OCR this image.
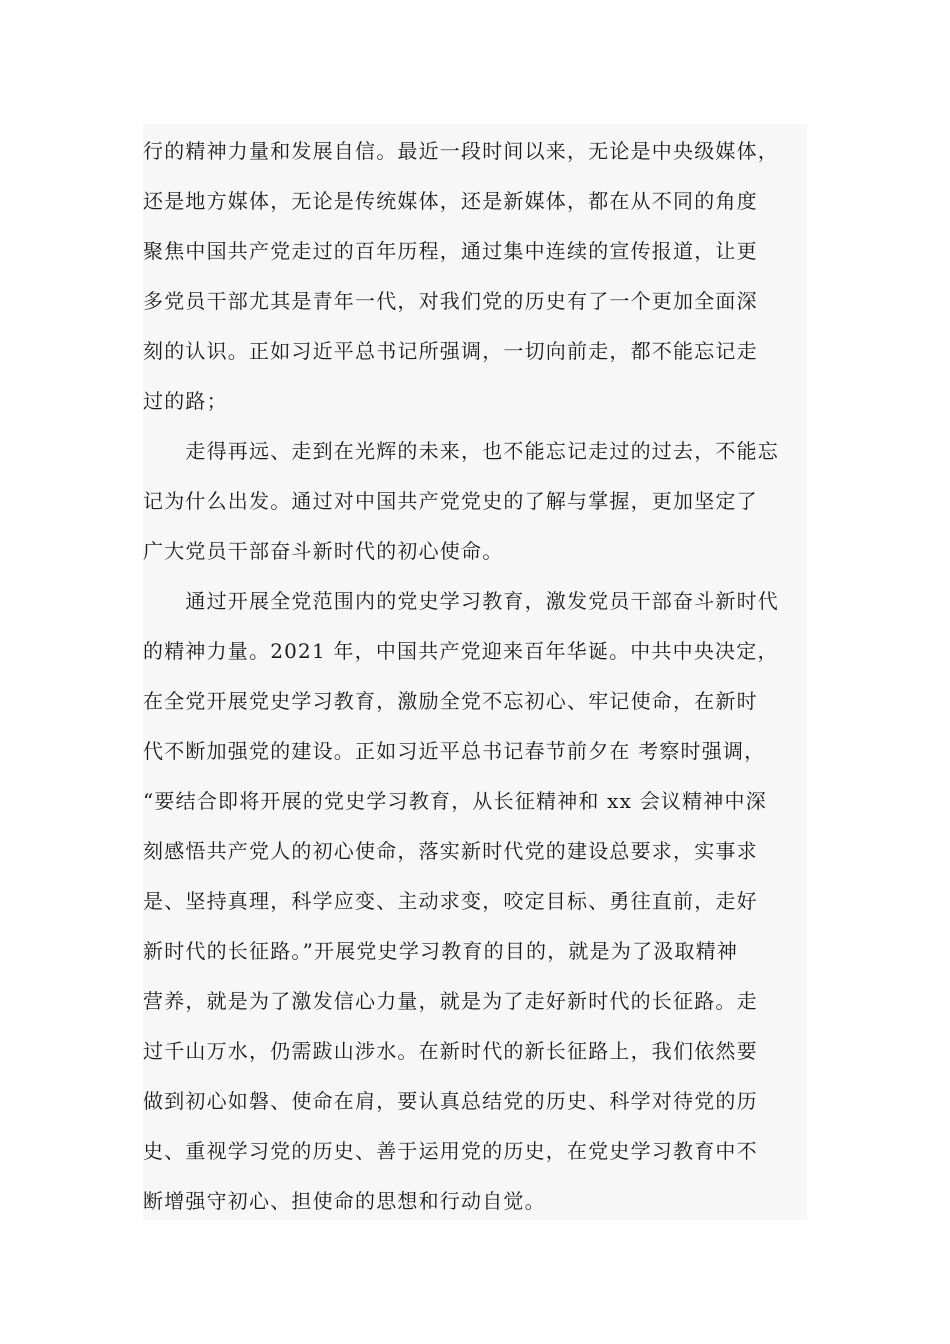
行的精神力量和发展自信。最近一段时间以来，无论是中央级媒体，
还是地方媒体，无论是传统媒体，还是新媒体，都在从不同的角度
聚焦中国共产党走过的百年历程，通过集中连续的宣传报道，让更
多党员干部尤其是青年一代，对我们党的历史有了一个更加全面深
刻的认识。正如习近平总书记所强调，一切向前走，都不能忘记走
过的路；
　　走得再远、走到在光辉的未来，也不能忘记走过的过去，不能忘
记为什么出发。通过对中国共产党党史的了解与掌握，更加坚定了
广大党员干部奋斗新时代的初心使命。
　　通过开展全党范围内的党史学习教育，激发党员干部奋斗新时代
的精神力量。2021 年，中国共产党迎来百年华诞。中共中央决定，
在全党开展党史学习教育，激励全党不忘初心、牢记使命，在新时
代不断加强党的建设。正如习近平总书记春节前夕在 考察时强调，
“要结合即将开展的党史学习教育，从长征精神和 xx 会议精神中深
刻感悟共产党人的初心使命，落实新时代党的建设总要求，实事求
是、坚持真理，科学应变、主动求变，咬定目标、勇往直前，走好
新时代的长征路。”开展党史学习教育的目的，就是为了汲取精神
营养，就是为了激发信心力量，就是为了走好新时代的长征路。走
过千山万水，仍需跋山涉水。在新时代的新长征路上，我们依然要
做到初心如磐、使命在肩，要认真总结党的历史、科学对待党的历
史、重视学习党的历史、善于运用党的历史，在党史学习教育中不
断增强守初心、担使命的思想和行动自觉。
